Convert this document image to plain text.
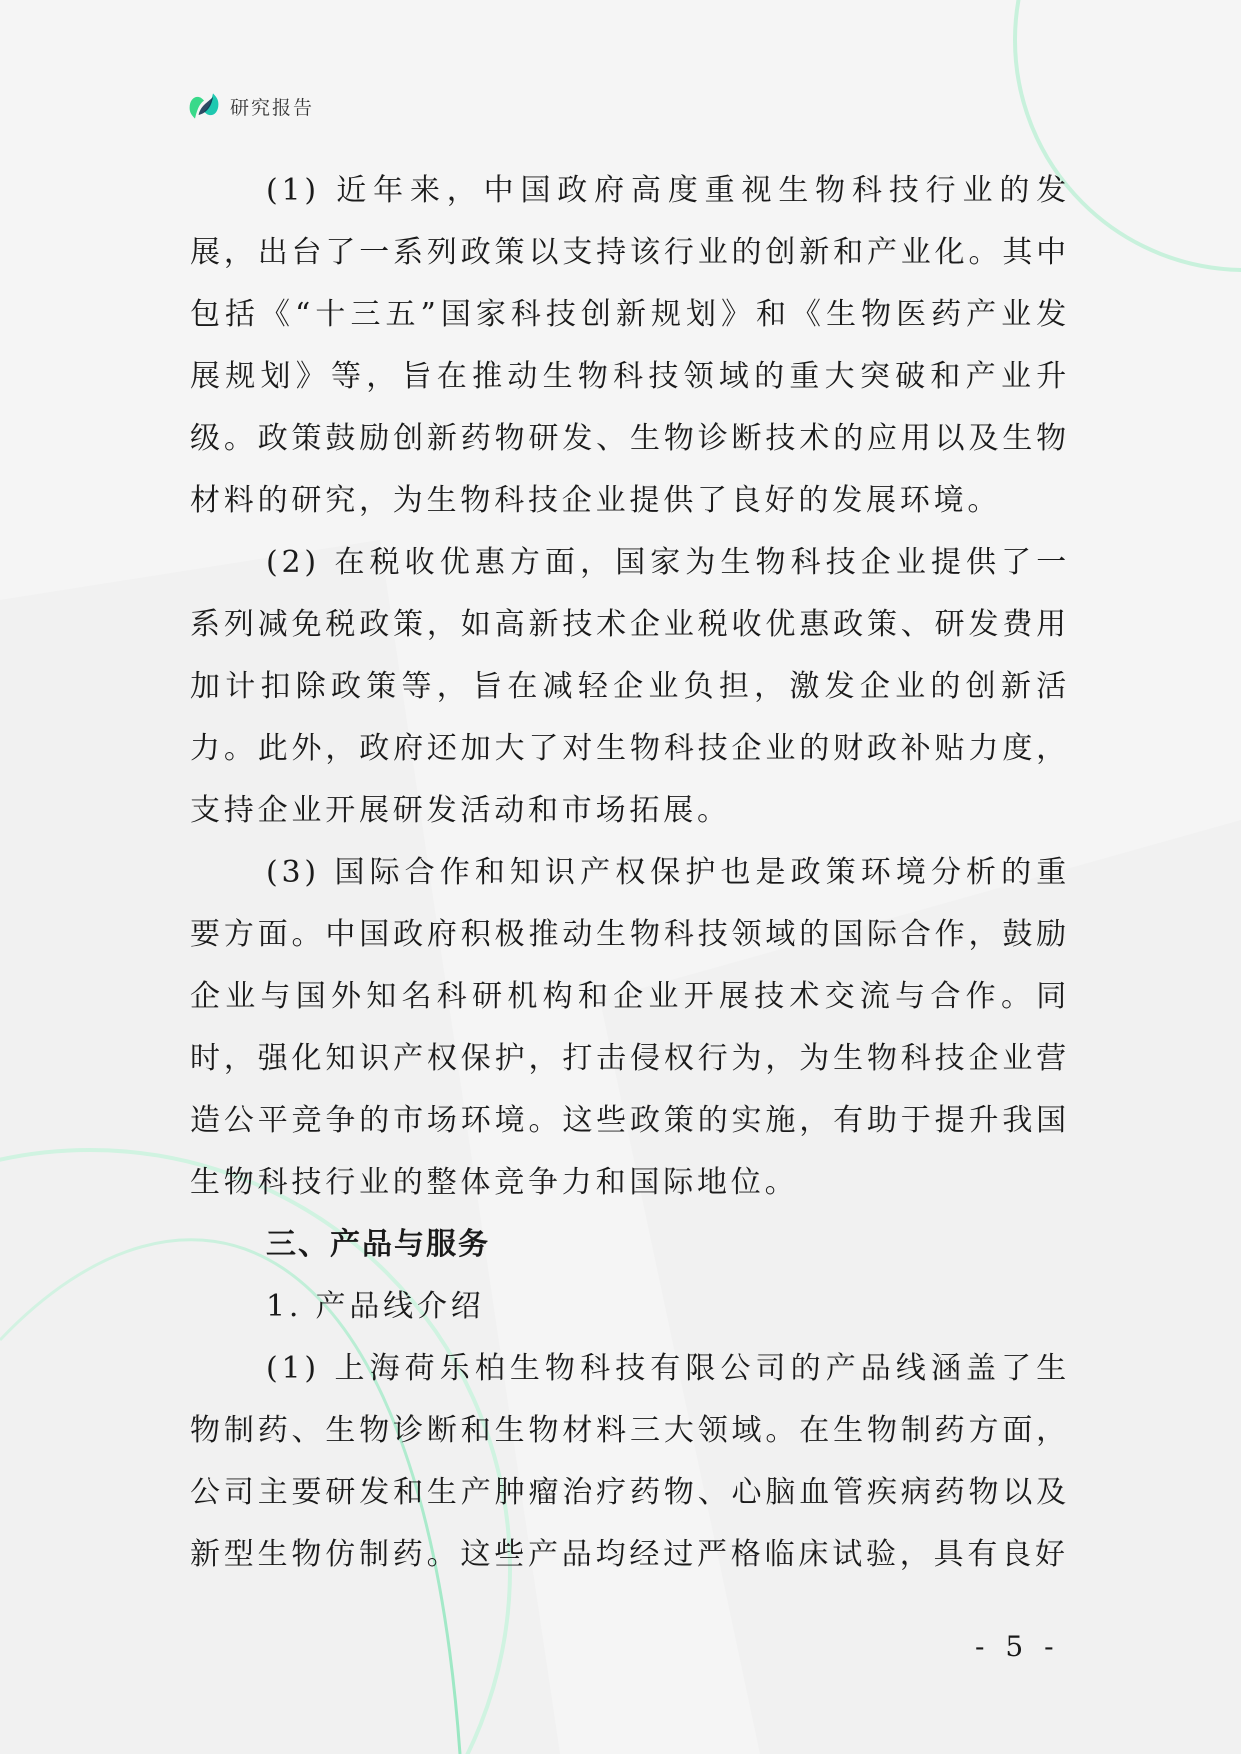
研究报告

(1) 近年来，中国政府高度重视生物科技行业的发展，出台了一系列政策以支持该行业的创新和产业化。其中包括《“十三五”国家科技创新规划》和《生物医药产业发展规划》等，旨在推动生物科技领域的重大突破和产业升级。政策鼓励创新药物研发、生物诊断技术的应用以及生物材料的研究，为生物科技企业提供了良好的发展环境。

(2) 在税收优惠方面，国家为生物科技企业提供了一系列减免税政策，如高新技术企业税收优惠政策、研发费用加计扣除政策等，旨在减轻企业负担，激发企业的创新活力。此外，政府还加大了对生物科技企业的财政补贴力度，支持企业开展研发活动和市场拓展。

(3) 国际合作和知识产权保护也是政策环境分析的重要方面。中国政府积极推动生物科技领域的国际合作，鼓励企业与国外知名科研机构和企业开展技术交流与合作。同时，强化知识产权保护，打击侵权行为，为生物科技企业营造公平竞争的市场环境。这些政策的实施，有助于提升我国生物科技行业的整体竞争力和国际地位。

三、产品与服务

1. 产品线介绍

(1) 上海荷乐柏生物科技有限公司的产品线涵盖了生物制药、生物诊断和生物材料三大领域。在生物制药方面，公司主要研发和生产肿瘤治疗药物、心脑血管疾病药物以及新型生物仿制药。这些产品均经过严格临床试验，具有良好

- 5 -
